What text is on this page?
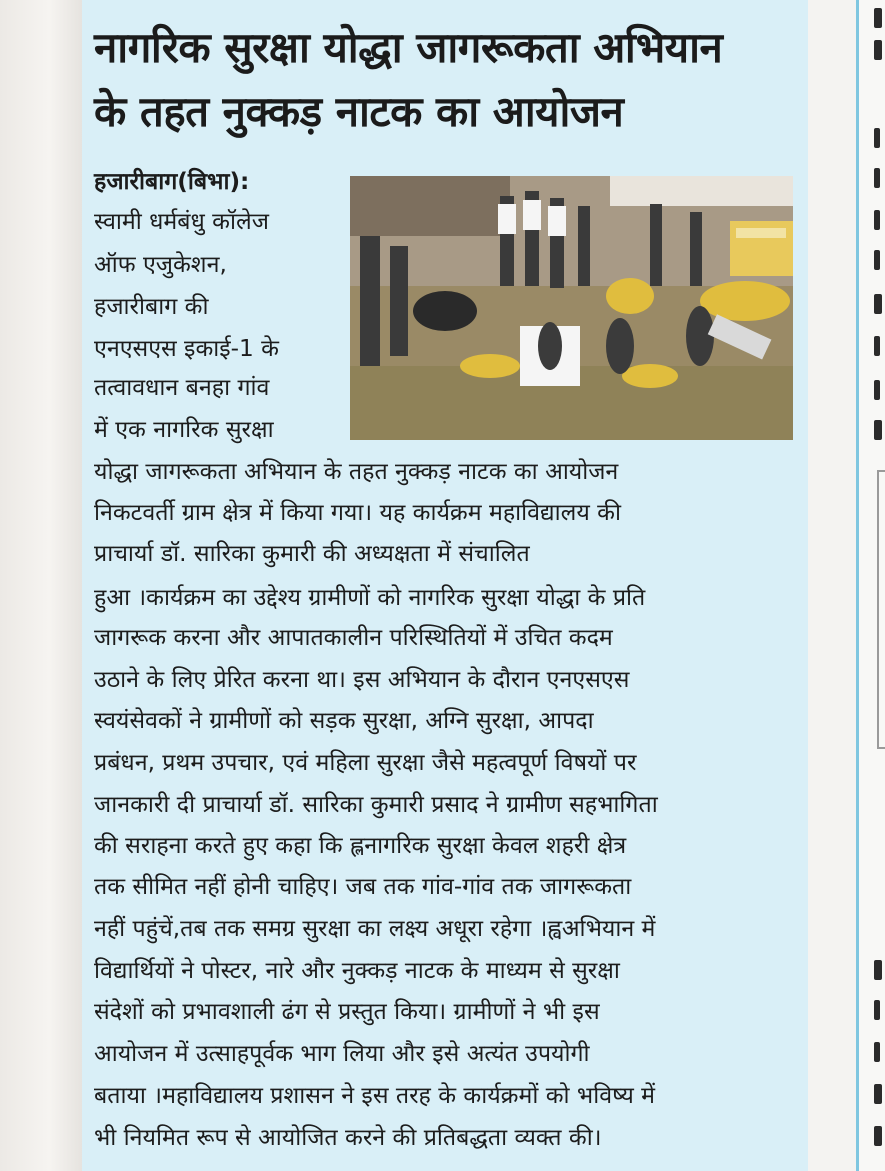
नागरिक सुरक्षा योद्धा जागरूकता अभियान
के तहत नुक्कड़ नाटक का आयोजन
हजारीबाग(बिभा):
स्वामी धर्मबंधु कॉलेज
ऑफ एजुकेशन,
हजारीबाग की
एनएसएस इकाई-1 के
तत्वावधान बनहा गांव
में एक नागरिक सुरक्षा
योद्धा जागरूकता अभियान के तहत नुक्कड़ नाटक का आयोजन
निकटवर्ती ग्राम क्षेत्र में किया गया। यह कार्यक्रम महाविद्यालय की
प्राचार्या डॉ. सारिका कुमारी की अध्यक्षता में संचालित
हुआ ।कार्यक्रम का उद्देश्य ग्रामीणों को नागरिक सुरक्षा योद्धा के प्रति
जागरूक करना और आपातकालीन परिस्थितियों में उचित कदम
उठाने के लिए प्रेरित करना था। इस अभियान के दौरान एनएसएस
स्वयंसेवकों ने ग्रामीणों को सड़क सुरक्षा, अग्नि सुरक्षा, आपदा
प्रबंधन, प्रथम उपचार, एवं महिला सुरक्षा जैसे महत्वपूर्ण विषयों पर
जानकारी दी प्राचार्या डॉ. सारिका कुमारी प्रसाद ने ग्रामीण सहभागिता
की सराहना करते हुए कहा कि ह्लनागरिक सुरक्षा केवल शहरी क्षेत्र
तक सीमित नहीं होनी चाहिए। जब तक गांव-गांव तक जागरूकता
नहीं पहुंचें,तब तक समग्र सुरक्षा का लक्ष्य अधूरा रहेगा ।ह्वअभियान में
विद्यार्थियों ने पोस्टर, नारे और नुक्कड़ नाटक के माध्यम से सुरक्षा
संदेशों को प्रभावशाली ढंग से प्रस्तुत किया। ग्रामीणों ने भी इस
आयोजन में उत्साहपूर्वक भाग लिया और इसे अत्यंत उपयोगी
बताया ।महाविद्यालय प्रशासन ने इस तरह के कार्यक्रमों को भविष्य में
भी नियमित रूप से आयोजित करने की प्रतिबद्धता व्यक्त की।
